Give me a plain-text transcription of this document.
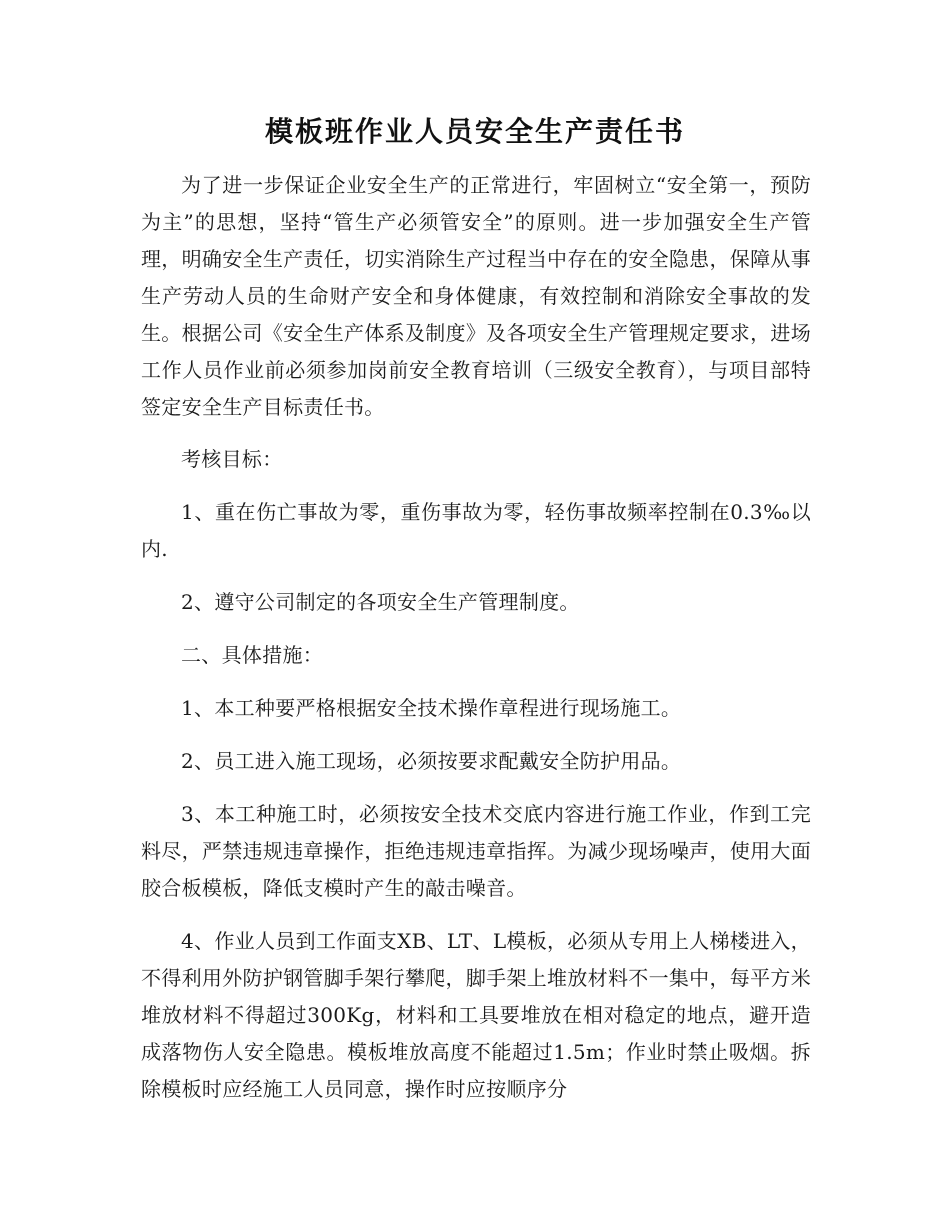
模板班作业人员安全生产责任书

为了进一步保证企业安全生产的正常进行，牢固树立“安全第一，预防为主”的思想，坚持“管生产必须管安全”的原则。进一步加强安全生产管理，明确安全生产责任，切实消除生产过程当中存在的安全隐患，保障从事生产劳动人员的生命财产安全和身体健康，有效控制和消除安全事故的发生。根据公司《安全生产体系及制度》及各项安全生产管理规定要求，进场工作人员作业前必须参加岗前安全教育培训（三级安全教育），与项目部特签定安全生产目标责任书。

考核目标：

1、重在伤亡事故为零，重伤事故为零，轻伤事故频率控制在0.3‰以内.

2、遵守公司制定的各项安全生产管理制度。

二、具体措施：

1、本工种要严格根据安全技术操作章程进行现场施工。

2、员工进入施工现场，必须按要求配戴安全防护用品。

3、本工种施工时，必须按安全技术交底内容进行施工作业，作到工完料尽，严禁违规违章操作，拒绝违规违章指挥。为减少现场噪声，使用大面胶合板模板，降低支模时产生的敲击噪音。

4、作业人员到工作面支XB、LT、L模板，必须从专用上人梯楼进入，不得利用外防护钢管脚手架行攀爬，脚手架上堆放材料不一集中，每平方米堆放材料不得超过300Kg，材料和工具要堆放在相对稳定的地点，避开造成落物伤人安全隐患。模板堆放高度不能超过1.5m；作业时禁止吸烟。拆除模板时应经施工人员同意，操作时应按顺序分
